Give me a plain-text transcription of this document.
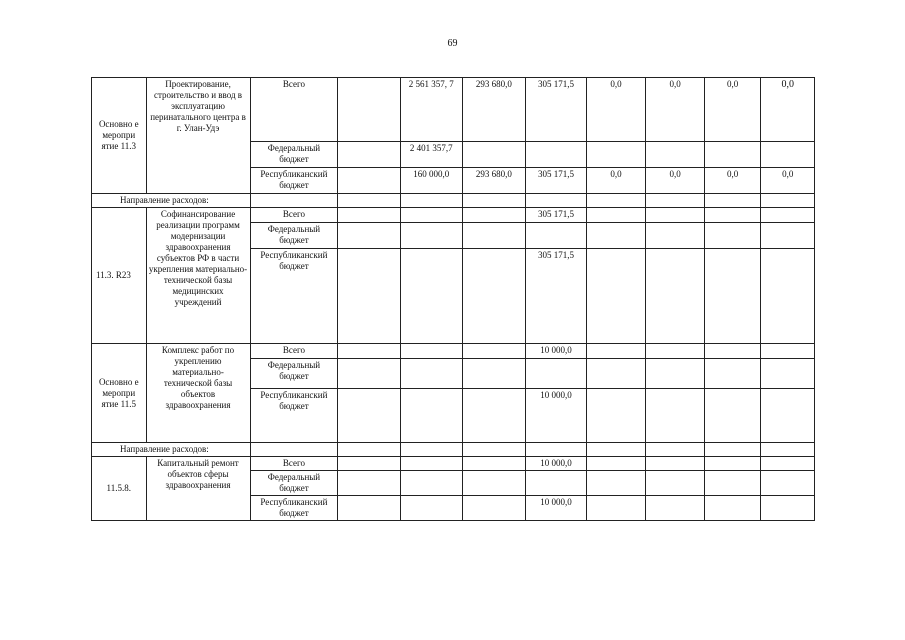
69
Основно е меропри ятие 11.3	Проектирование, строительство и ввод в эксплуатацию перинатального центра в г. Улан-Удэ	Всего		2 561 357, 7	293 680,0	305 171,5	0,0	0,0	0,0	0,0
		Федеральный бюджет		2 401 357,7						
		Республиканский бюджет		160 000,0	293 680,0	305 171,5	0,0	0,0	0,0	0,0
Направление расходов:										
11.3. R23	Софинансирование реализации программ модернизации здравоохранения субъектов РФ в части укрепления материально-технической базы медицинских учреждений	Всего				305 171,5				
		Федеральный бюджет								
		Республиканский бюджет				305 171,5				
Основно е меропри ятие 11.5	Комплекс работ по укреплению материально-технической базы объектов здравоохранения	Всего				10 000,0				
		Федеральный бюджет								
		Республиканский бюджет				10 000,0				
Направление расходов:										
11.5.8.	Капитальный ремонт объектов сферы здравоохранения	Всего				10 000,0				
		Федеральный бюджет								
		Республиканский бюджет				10 000,0				
